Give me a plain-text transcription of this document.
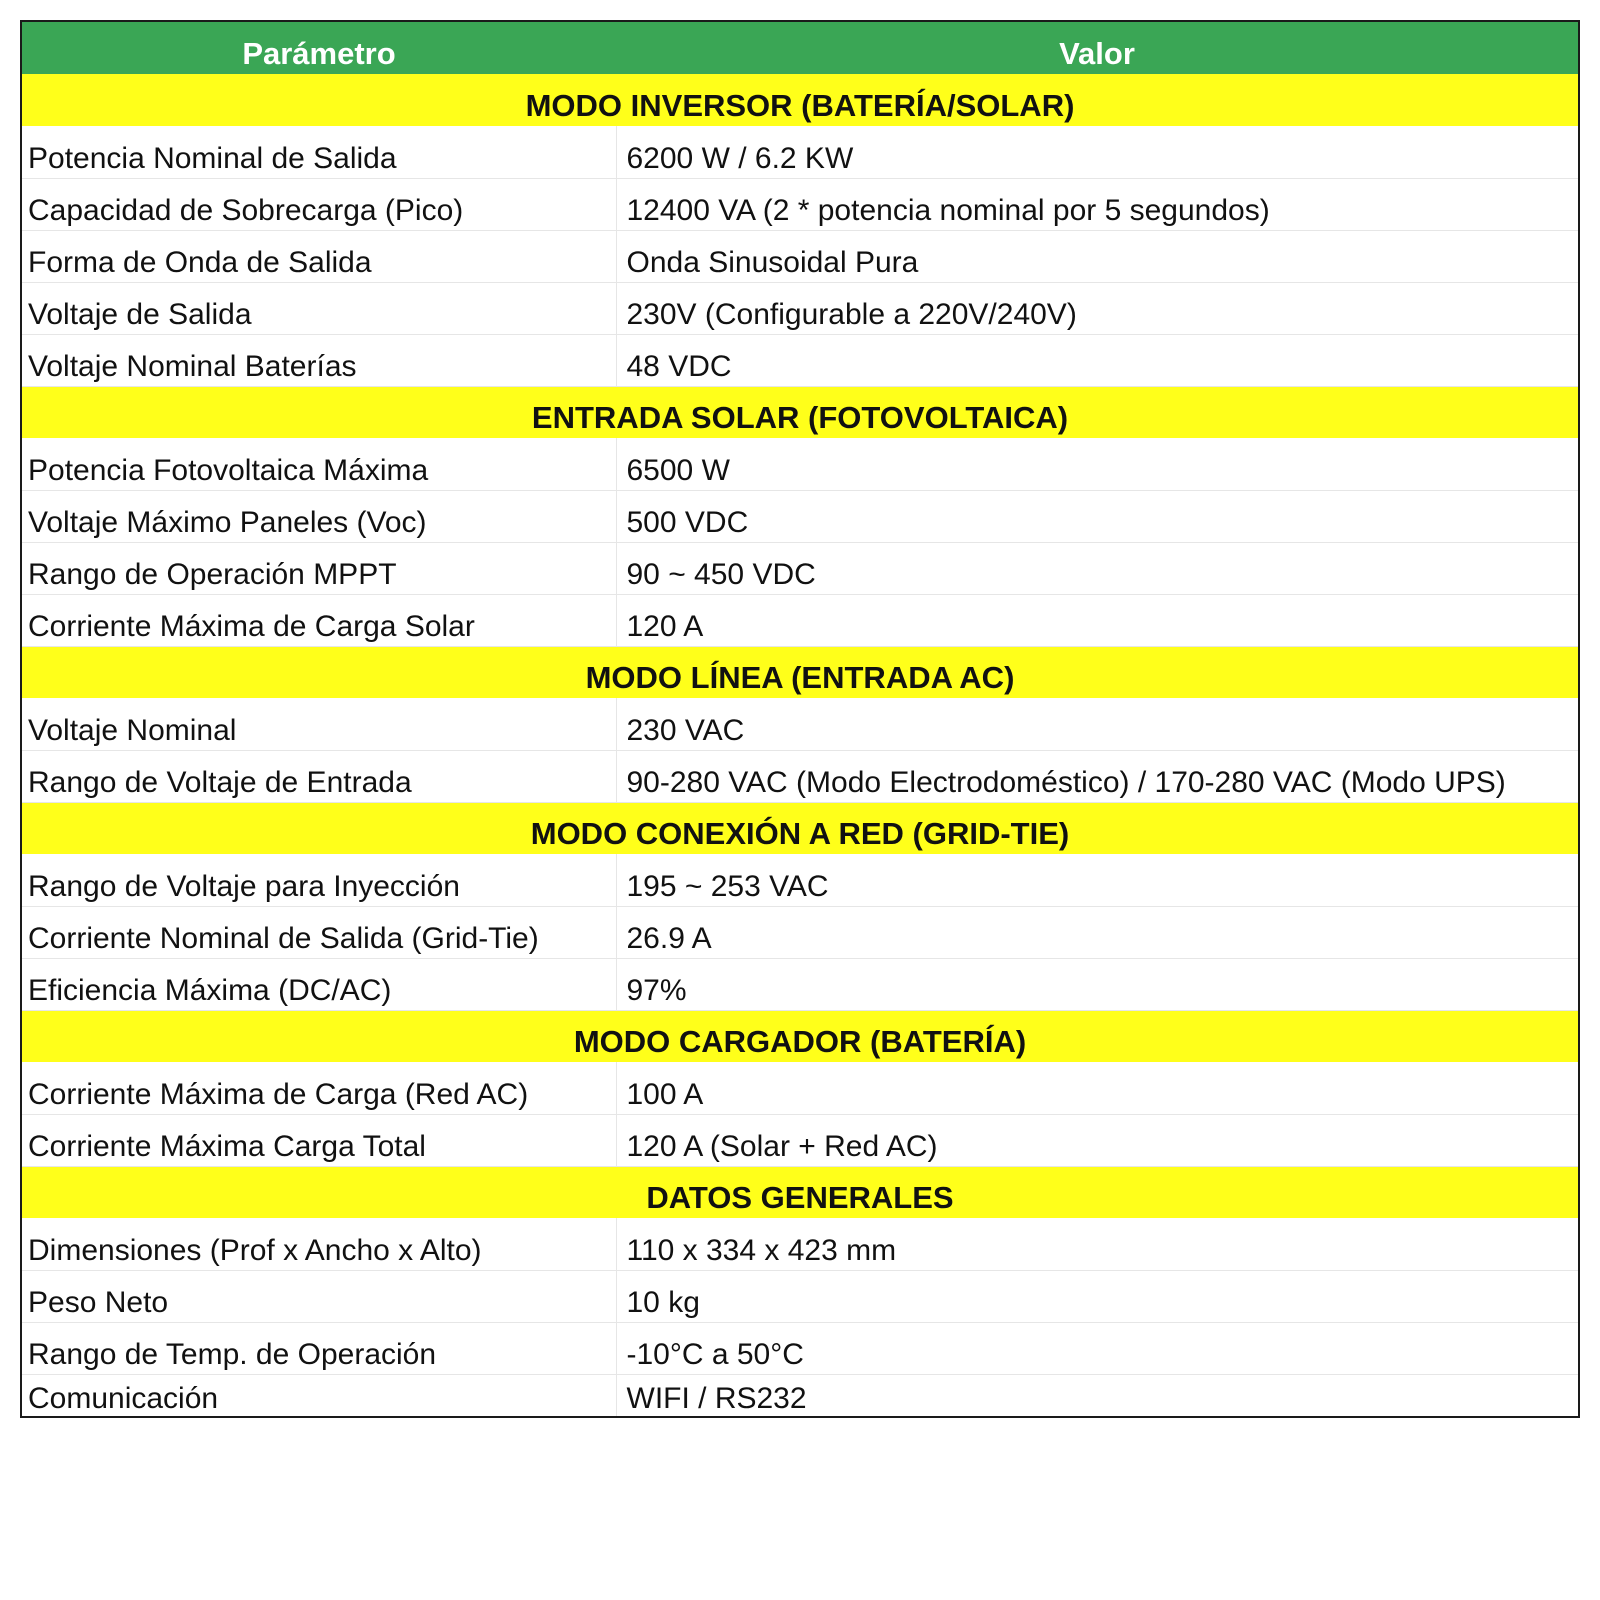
Parámetro	Valor
MODO INVERSOR (BATERÍA/SOLAR)	
Potencia Nominal de Salida	6200 W / 6.2 KW
Capacidad de Sobrecarga (Pico)	12400 VA (2 * potencia nominal por 5 segundos)
Forma de Onda de Salida	Onda Sinusoidal Pura
Voltaje de Salida	230V (Configurable a 220V/240V)
Voltaje Nominal Baterías	48 VDC
ENTRADA SOLAR (FOTOVOLTAICA)	
Potencia Fotovoltaica Máxima	6500 W
Voltaje Máximo Paneles (Voc)	500 VDC
Rango de Operación MPPT	90 ~ 450 VDC
Corriente Máxima de Carga Solar	120 A
MODO LÍNEA (ENTRADA AC)	
Voltaje Nominal	230 VAC
Rango de Voltaje de Entrada	90-280 VAC (Modo Electrodoméstico) / 170-280 VAC (Modo UPS)
MODO CONEXIÓN A RED (GRID-TIE)	
Rango de Voltaje para Inyección	195 ~ 253 VAC
Corriente Nominal de Salida (Grid-Tie)	26.9 A
Eficiencia Máxima (DC/AC)	97%
MODO CARGADOR (BATERÍA)	
Corriente Máxima de Carga (Red AC)	100 A
Corriente Máxima Carga Total	120 A (Solar + Red AC)
DATOS GENERALES	
Dimensiones (Prof x Ancho x Alto)	110 x 334 x 423 mm
Peso Neto	10 kg
Rango de Temp. de Operación	-10°C a 50°C
Comunicación	WIFI / RS232
